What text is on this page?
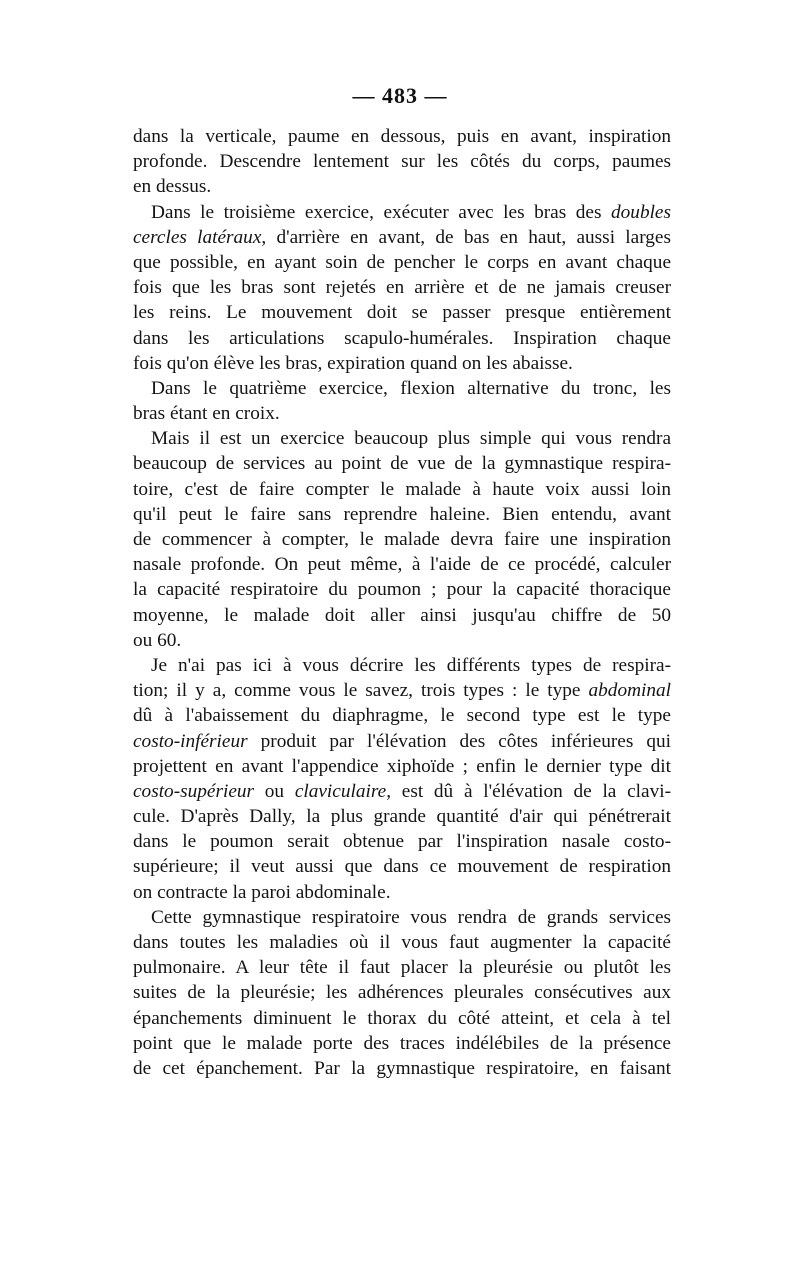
— 483 —
dans la verticale, paume en dessous, puis en avant, inspiration
profonde. Descendre lentement sur les côtés du corps, paumes
en dessus.
Dans le troisième exercice, exécuter avec les bras des doubles
cercles latéraux, d'arrière en avant, de bas en haut, aussi larges
que possible, en ayant soin de pencher le corps en avant chaque
fois que les bras sont rejetés en arrière et de ne jamais creuser
les reins. Le mouvement doit se passer presque entièrement
dans les articulations scapulo-humérales. Inspiration chaque
fois qu'on élève les bras, expiration quand on les abaisse.
Dans le quatrième exercice, flexion alternative du tronc, les
bras étant en croix.
Mais il est un exercice beaucoup plus simple qui vous rendra
beaucoup de services au point de vue de la gymnastique respira-
toire, c'est de faire compter le malade à haute voix aussi loin
qu'il peut le faire sans reprendre haleine. Bien entendu, avant
de commencer à compter, le malade devra faire une inspiration
nasale profonde. On peut même, à l'aide de ce procédé, calculer
la capacité respiratoire du poumon ; pour la capacité thoracique
moyenne, le malade doit aller ainsi jusqu'au chiffre de 50
ou 60.
Je n'ai pas ici à vous décrire les différents types de respira-
tion; il y a, comme vous le savez, trois types : le type abdominal
dû à l'abaissement du diaphragme, le second type est le type
costo-inférieur produit par l'élévation des côtes inférieures qui
projettent en avant l'appendice xiphoïde ; enfin le dernier type dit
costo-supérieur ou claviculaire, est dû à l'élévation de la clavi-
cule. D'après Dally, la plus grande quantité d'air qui pénétrerait
dans le poumon serait obtenue par l'inspiration nasale costo-
supérieure; il veut aussi que dans ce mouvement de respiration
on contracte la paroi abdominale.
Cette gymnastique respiratoire vous rendra de grands services
dans toutes les maladies où il vous faut augmenter la capacité
pulmonaire. A leur tête il faut placer la pleurésie ou plutôt les
suites de la pleurésie; les adhérences pleurales consécutives aux
épanchements diminuent le thorax du côté atteint, et cela à tel
point que le malade porte des traces indélébiles de la présence
de cet épanchement. Par la gymnastique respiratoire, en faisant
